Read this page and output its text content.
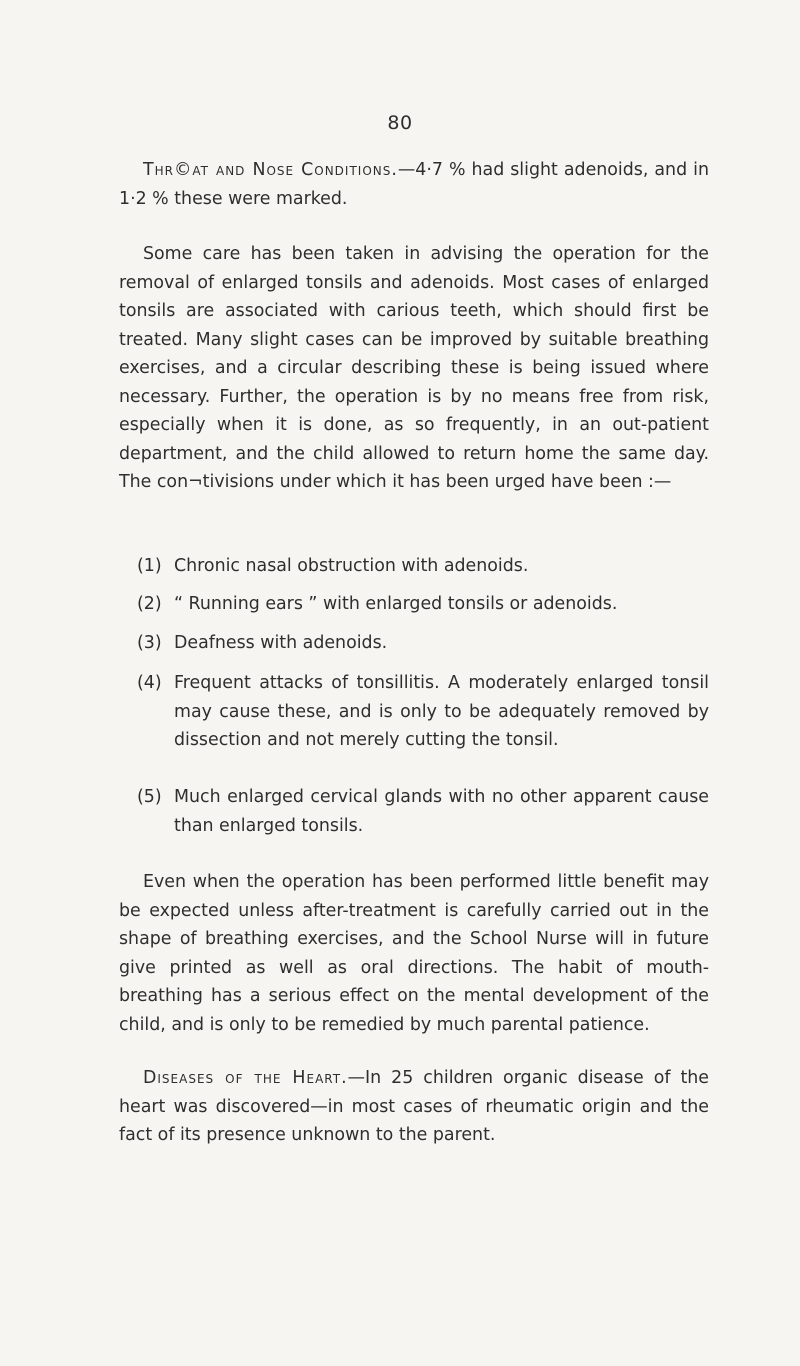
80

Thr©at and Nose Conditions.—4·7 % had slight adenoids, and in 1·2 % these were marked.

Some care has been taken in advising the operation for the removal of enlarged tonsils and adenoids. Most cases of enlarged tonsils are associated with carious teeth, which should first be treated. Many slight cases can be improved by suitable breathing exercises, and a circular describing these is being issued where necessary. Further, the operation is by no means free from risk, especially when it is done, as so frequently, in an out-patient department, and the child allowed to return home the same day. The con¬tivisions under which it has been urged have been :—

(1) Chronic nasal obstruction with adenoids.
(2) “ Running ears ” with enlarged tonsils or adenoids.
(3) Deafness with adenoids.
(4) Frequent attacks of tonsillitis. A moderately enlarged tonsil may cause these, and is only to be adequately removed by dissection and not merely cutting the tonsil.
(5) Much enlarged cervical glands with no other apparent cause than enlarged tonsils.

Even when the operation has been performed little benefit may be expected unless after-treatment is carefully carried out in the shape of breathing exercises, and the School Nurse will in future give printed as well as oral directions. The habit of mouth-breathing has a serious effect on the mental development of the child, and is only to be remedied by much parental patience.

Diseases of the Heart.—In 25 children organic disease of the heart was discovered—in most cases of rheumatic origin and the fact of its presence unknown to the parent.
